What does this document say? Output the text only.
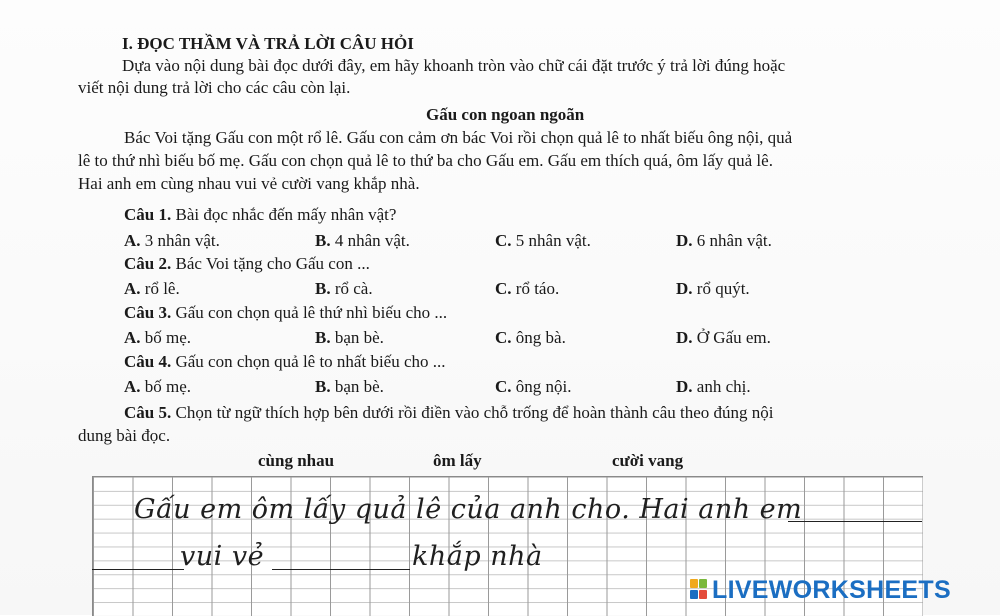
I. ĐỌC THẦM VÀ TRẢ LỜI CÂU HỎI
Dựa vào nội dung bài đọc dưới đây, em hãy khoanh tròn vào chữ cái đặt trước ý trả lời đúng hoặc
viết nội dung trả lời cho các câu còn lại.
Gấu con ngoan ngoãn
Bác Voi tặng Gấu con một rổ lê. Gấu con cảm ơn bác Voi rồi chọn quả lê to nhất biếu ông nội, quả
lê to thứ nhì biếu bố mẹ. Gấu con chọn quả lê to thứ ba cho Gấu em. Gấu em thích quá, ôm lấy quả lê.
Hai anh em cùng nhau vui vẻ cười vang khắp nhà.
Câu 1. Bài đọc nhắc đến mấy nhân vật?
A. 3 nhân vật.	B. 4 nhân vật.	C. 5 nhân vật.	D. 6 nhân vật.
Câu 2. Bác Voi tặng cho Gấu con ...
A. rổ lê.	B. rổ cà.	C. rổ táo.	D. rổ quýt.
Câu 3. Gấu con chọn quả lê thứ nhì biếu cho ...
A. bố mẹ.	B. bạn bè.	C. ông bà.	D. Ở Gấu em.
Câu 4. Gấu con chọn quả lê to nhất biếu cho ...
A. bố mẹ.	B. bạn bè.	C. ông nội.	D. anh chị.
Câu 5. Chọn từ ngữ thích hợp bên dưới rồi điền vào chỗ trống để hoàn thành câu theo đúng nội
dung bài đọc.
cùng nhau	ôm lấy	cười vang
Gấu em ôm lấy quả lê của anh cho. Hai anh em
vui vẻ	khắp nhà
LIVEWORKSHEETS
